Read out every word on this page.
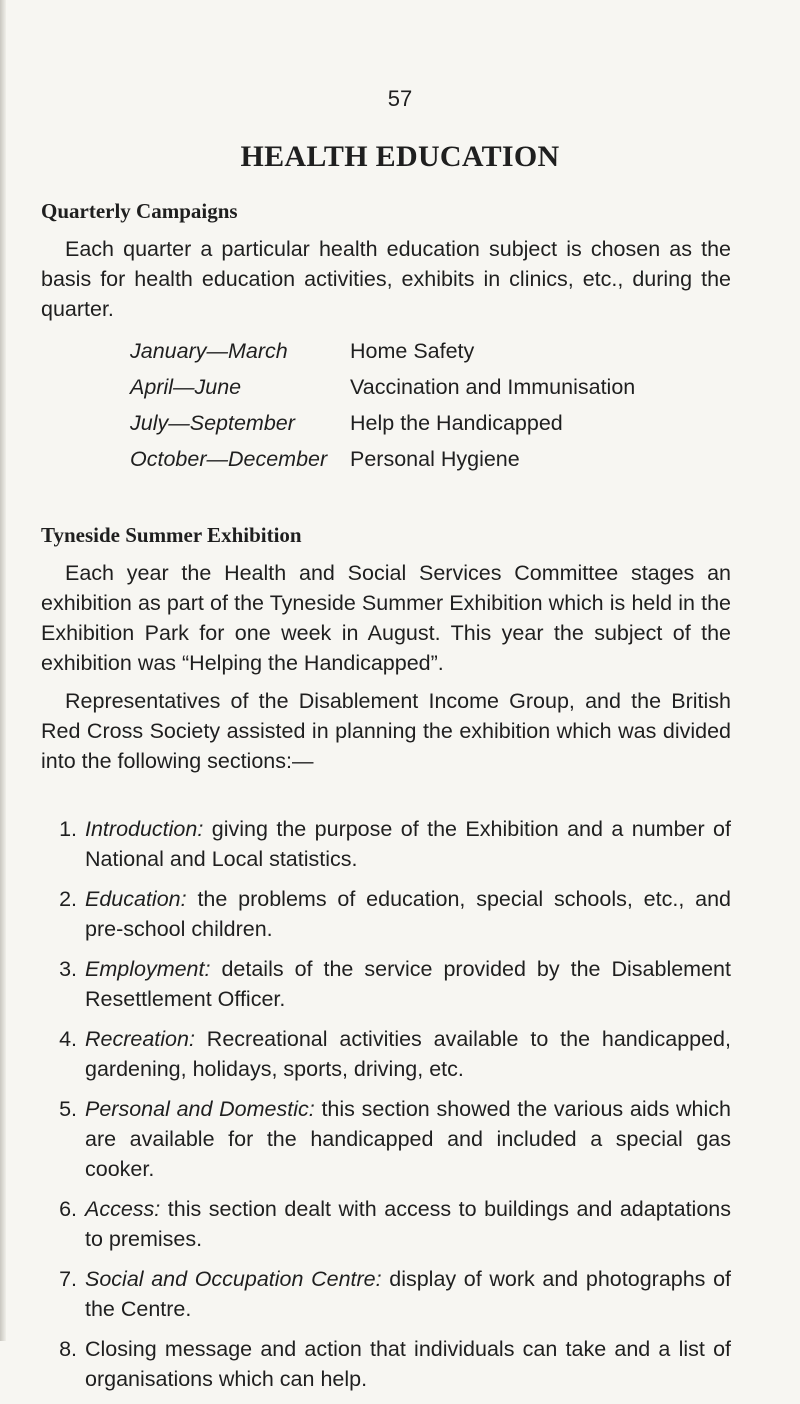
57
HEALTH EDUCATION
Quarterly Campaigns

Each quarter a particular health education subject is chosen as the basis for health education activities, exhibits in clinics, etc., during the quarter.

January—March	Home Safety
April—June	Vaccination and Immunisation
July—September	Help the Handicapped
October—December	Personal Hygiene
Tyneside Summer Exhibition

Each year the Health and Social Services Committee stages an exhibition as part of the Tyneside Summer Exhibition which is held in the Exhibition Park for one week in August. This year the subject of the exhibition was “Helping the Handicapped”.

Representatives of the Disablement Income Group, and the British Red Cross Society assisted in planning the exhibition which was divided into the following sections:—

1. Introduction: giving the purpose of the Exhibition and a number of National and Local statistics.
2. Education: the problems of education, special schools, etc., and pre-school children.
3. Employment: details of the service provided by the Disablement Resettlement Officer.
4. Recreation: Recreational activities available to the handicapped, gardening, holidays, sports, driving, etc.
5. Personal and Domestic: this section showed the various aids which are available for the handicapped and included a special gas cooker.
6. Access: this section dealt with access to buildings and adaptations to premises.
7. Social and Occupation Centre: display of work and photographs of the Centre.
8. Closing message and action that individuals can take and a list of organisations which can help.
